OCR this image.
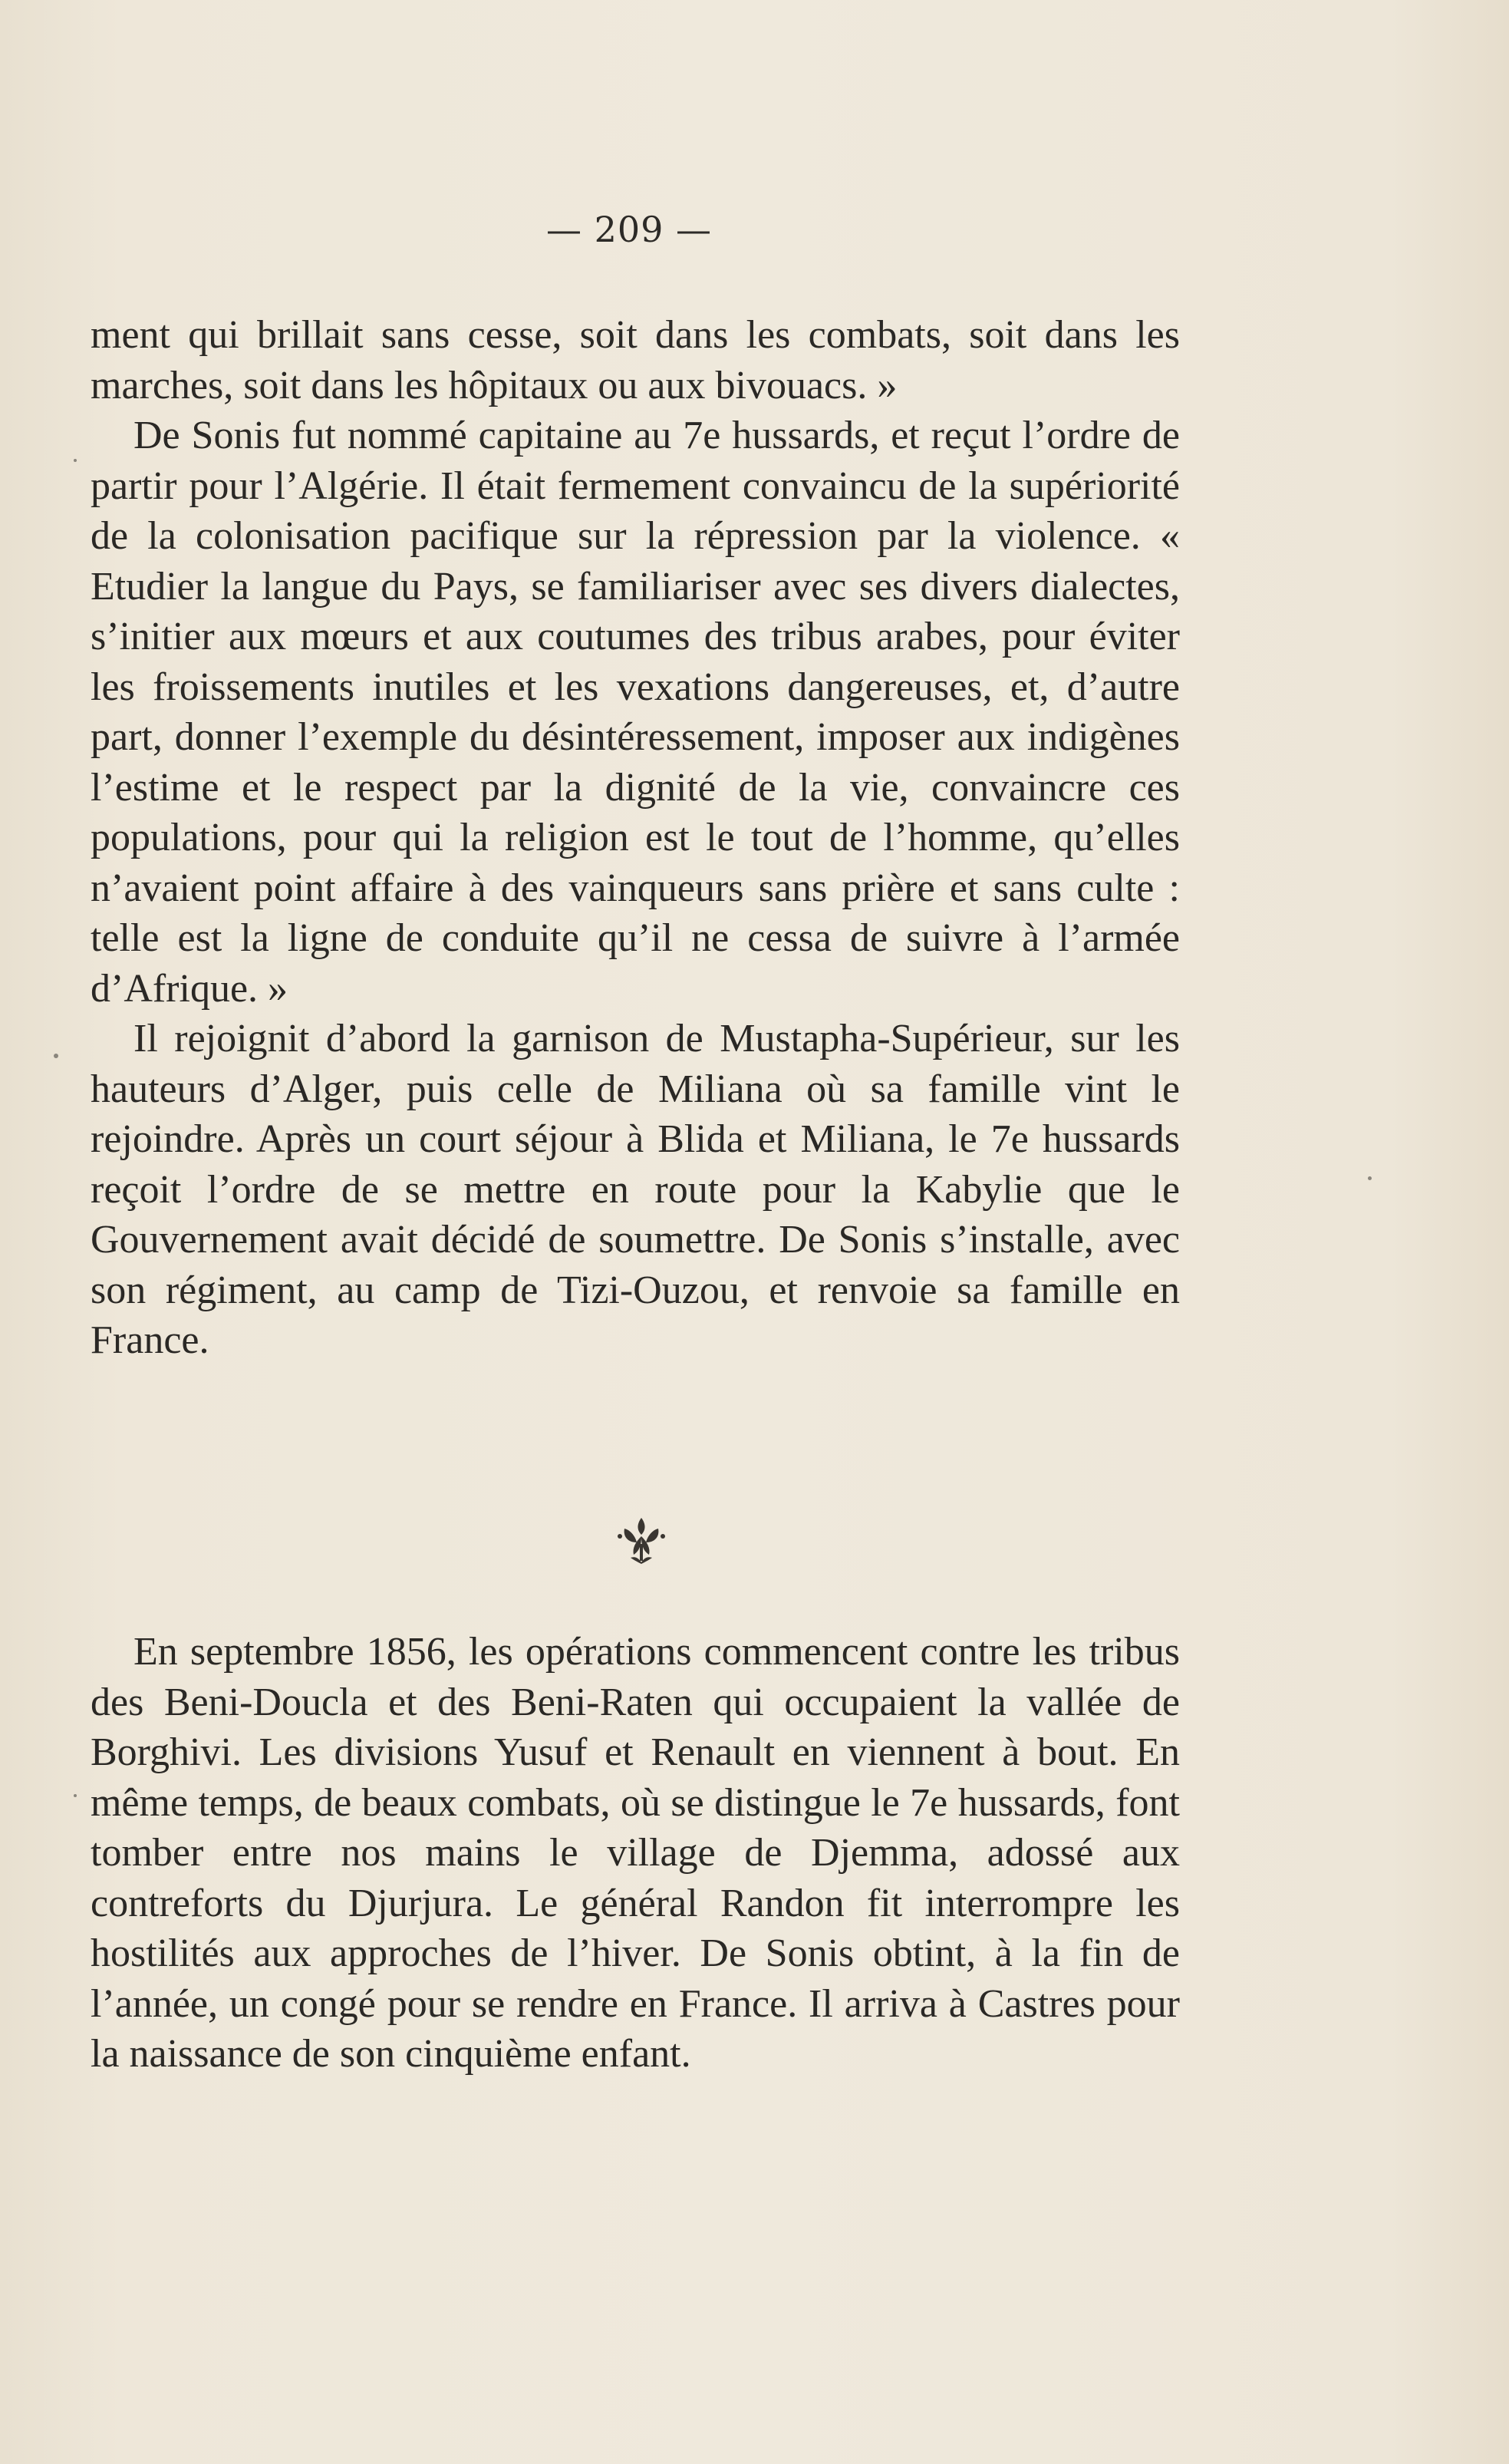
— 209 —

ment qui brillait sans cesse, soit dans les combats, soit dans les marches, soit dans les hôpitaux ou aux bivouacs. »

De Sonis fut nommé capitaine au 7e hussards, et reçut l’ordre de partir pour l’Algérie. Il était fermement convaincu de la supériorité de la colonisation pacifique sur la répression par la violence. « Etudier la langue du Pays, se familiariser avec ses divers dialectes, s’initier aux mœurs et aux coutumes des tribus arabes, pour éviter les froissements inutiles et les vexations dangereuses, et, d’autre part, donner l’exemple du désintéressement, imposer aux indigènes l’estime et le respect par la dignité de la vie, convaincre ces populations, pour qui la religion est le tout de l’homme, qu’elles n’avaient point affaire à des vainqueurs sans prière et sans culte : telle est la ligne de conduite qu’il ne cessa de suivre à l’armée d’Afrique. »

Il rejoignit d’abord la garnison de Mustapha-Supérieur, sur les hauteurs d’Alger, puis celle de Miliana où sa famille vint le rejoindre. Après un court séjour à Blida et Miliana, le 7e hussards reçoit l’ordre de se mettre en route pour la Kabylie que le Gouvernement avait décidé de soumettre. De Sonis s’installe, avec son régiment, au camp de Tizi-Ouzou, et renvoie sa famille en France.

En septembre 1856, les opérations commencent contre les tribus des Beni-Doucla et des Beni-Raten qui occupaient la vallée de Borghivi. Les divisions Yusuf et Renault en viennent à bout. En même temps, de beaux combats, où se distingue le 7e hussards, font tomber entre nos mains le village de Djemma, adossé aux contreforts du Djurjura. Le général Randon fit interrompre les hostilités aux approches de l’hiver. De Sonis obtint, à la fin de l’année, un congé pour se rendre en France. Il arriva à Castres pour la naissance de son cinquième enfant.
